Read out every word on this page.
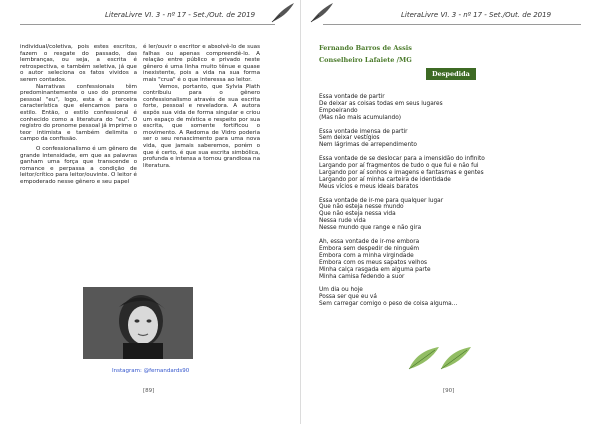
LiteraLivre VI. 3 - nº 17 - Set./Out. de 2019

individual/coletiva, pois estes escritos, fazem o resgate do passado, das lembranças, ou seja, a escrita é retrospectiva, e também seletiva, já que o autor seleciona os fatos vividos a serem contados.

Narrativas confessionais têm predominantemente o uso do pronome pessoal "eu", logo, esta é a terceira característica que elencamos para o estilo. Então, o estilo confessional é conhecido como a literatura do "eu". O registro do pronome pessoal já imprime o teor intimista e também delimita o campo da confissão.

O confessionalismo é um gênero de grande intensidade, em que as palavras ganham uma força que transcende o romance e perpassa a condição de leitor/crítico para leitor/ouvinte. O leitor é empoderado nesse gênero e seu papel

é ler/ouvir o escritor e absolvê-lo de suas falhas ou apenas compreendê-lo. A relação entre público e privado neste gênero é uma linha muito tênue e quase inexistente, pois a vida na sua forma mais "crua" é o que interessa ao leitor.

Vemos, portanto, que Sylvia Plath contribuiu para o gênero confessionalismo através de sua escrita forte, pessoal e reveladora. A autora expôs sua vida de forma singular e criou um espaço de mística e respeito por sua escrita, que somente fortificou o movimento. A Redoma de Vidro poderia ser o seu renascimento para uma nova vida, que jamais saberemos, porém o que é certo, é que sua escrita simbólica, profunda e intensa a tornou grandiosa na literatura.

Instagram: @fernandards90
[89]
LiteraLivre VI. 3 - nº 17 - Set./Out. de 2019
Fernando Barros de Assis
Conselheiro Lafaiete /MG
Despedida
Essa vontade de partir
De deixar as coisas todas em seus lugares
Empoeirando
(Mas não mais acumulando)
Essa vontade imensa de partir
Sem deixar vestígios
Nem lágrimas de arrependimento
Essa vontade de se deslocar para a imensidão do infinito
Largando por aí fragmentos de tudo o que fui e não fui
Largando por aí sonhos e imagens e fantasmas e gentes
Largando por aí minha carteira de identidade
Meus vícios e meus ideais baratos
Essa vontade de ir-me para qualquer lugar
Que não esteja nesse mundo
Que não esteja nessa vida
Nessa rude vida
Nesse mundo que range e não gira
Ah, essa vontade de ir-me embora
Embora sem despedir de ninguém
Embora com a minha virgindade
Embora com os meus sapatos velhos
Minha calça rasgada em alguma parte
Minha camisa fedendo a suor
Um dia ou hoje
Possa ser que eu vá
Sem carregar comigo o peso de coisa alguma...
[90]
